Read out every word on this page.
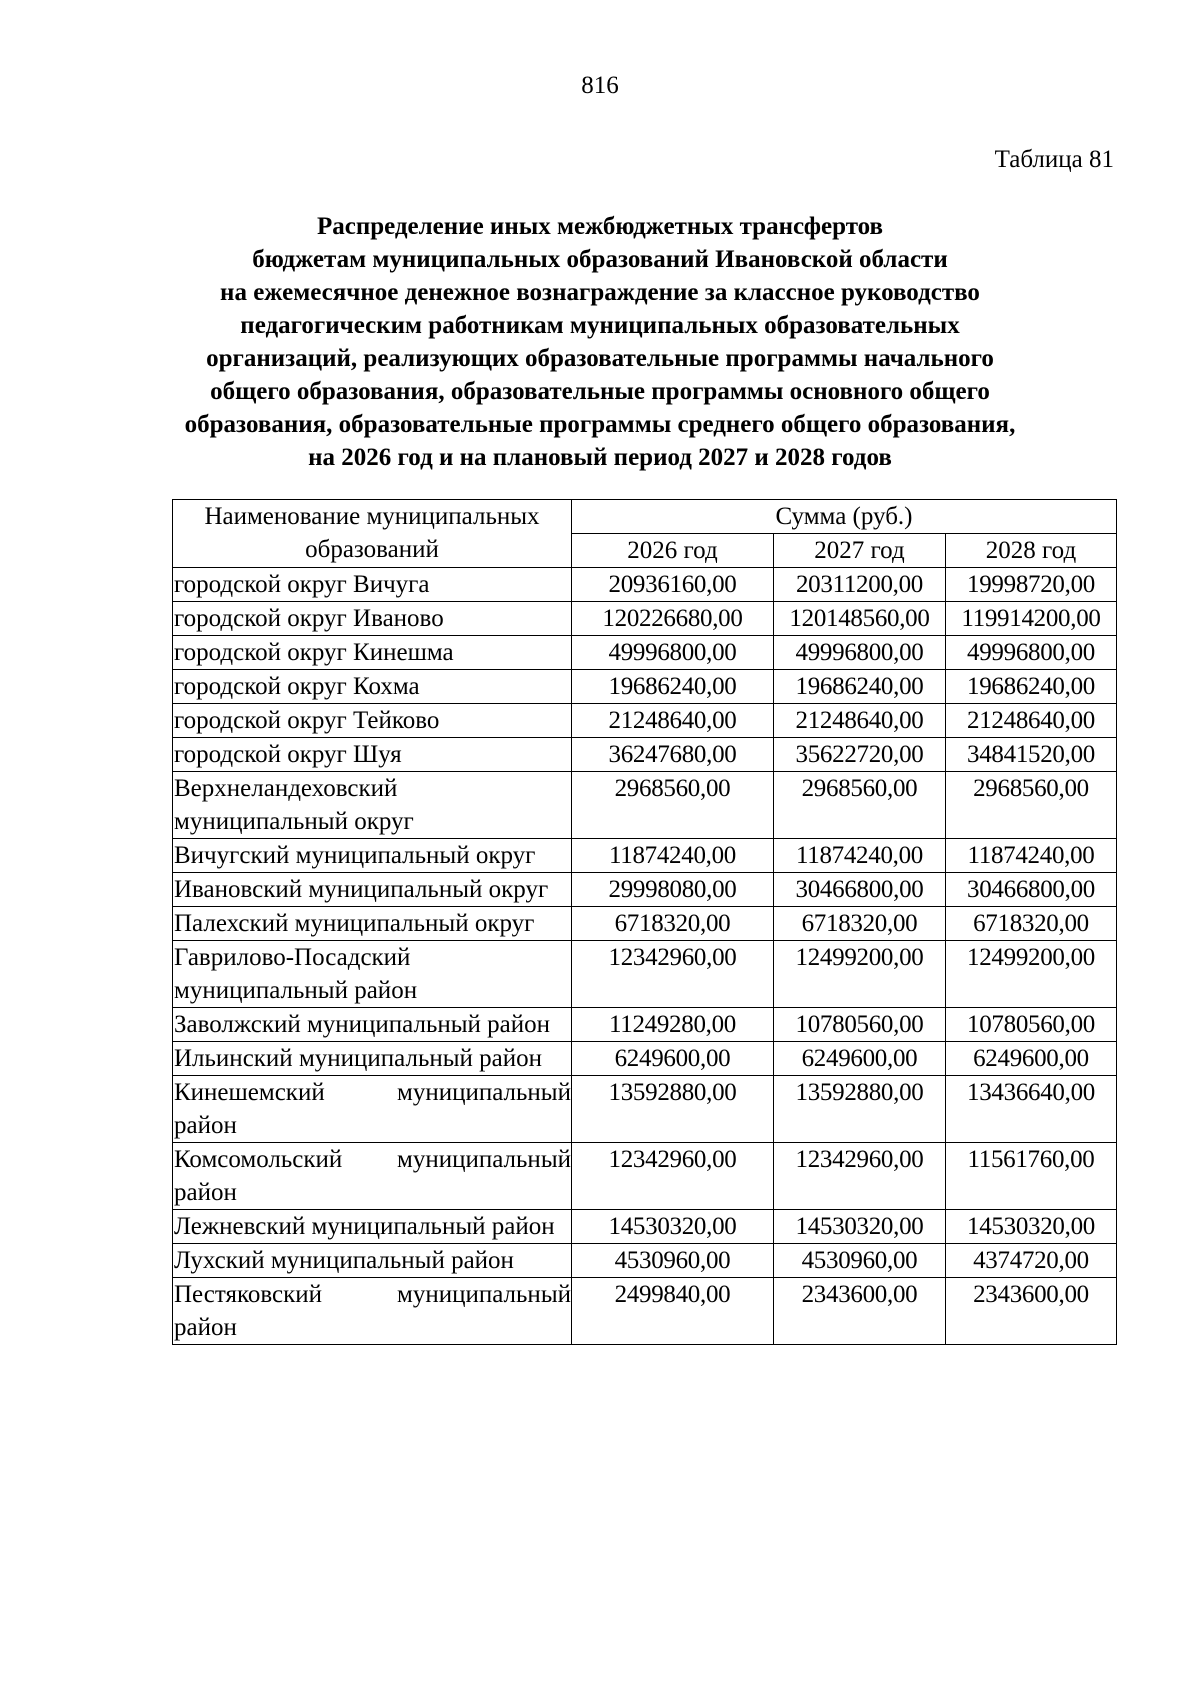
816
Таблица 81
Распределение иных межбюджетных трансфертов
бюджетам муниципальных образований Ивановской области
на ежемесячное денежное вознаграждение за классное руководство
педагогическим работникам муниципальных образовательных
организаций, реализующих образовательные программы начального
общего образования, образовательные программы основного общего
образования, образовательные программы среднего общего образования,
на 2026 год и на плановый период 2027 и 2028 годов
Наименование муниципальных образований	Сумма (руб.)		
	2026 год	2027 год	2028 год
городской округ Вичуга	20936160,00	20311200,00	19998720,00
городской округ Иваново	120226680,00	120148560,00	119914200,00
городской округ Кинешма	49996800,00	49996800,00	49996800,00
городской округ Кохма	19686240,00	19686240,00	19686240,00
городской округ Тейково	21248640,00	21248640,00	21248640,00
городской округ Шуя	36247680,00	35622720,00	34841520,00
Верхнеландеховский муниципальный округ	2968560,00	2968560,00	2968560,00
Вичугский муниципальный округ	11874240,00	11874240,00	11874240,00
Ивановский муниципальный округ	29998080,00	30466800,00	30466800,00
Палехский муниципальный округ	6718320,00	6718320,00	6718320,00
Гаврилово-Посадский муниципальный район	12342960,00	12499200,00	12499200,00
Заволжский муниципальный район	11249280,00	10780560,00	10780560,00
Ильинский муниципальный район	6249600,00	6249600,00	6249600,00
Кинешемский муниципальный район	13592880,00	13592880,00	13436640,00
Комсомольский муниципальный район	12342960,00	12342960,00	11561760,00
Лежневский муниципальный район	14530320,00	14530320,00	14530320,00
Лухский муниципальный район	4530960,00	4530960,00	4374720,00
Пестяковский муниципальный район	2499840,00	2343600,00	2343600,00
